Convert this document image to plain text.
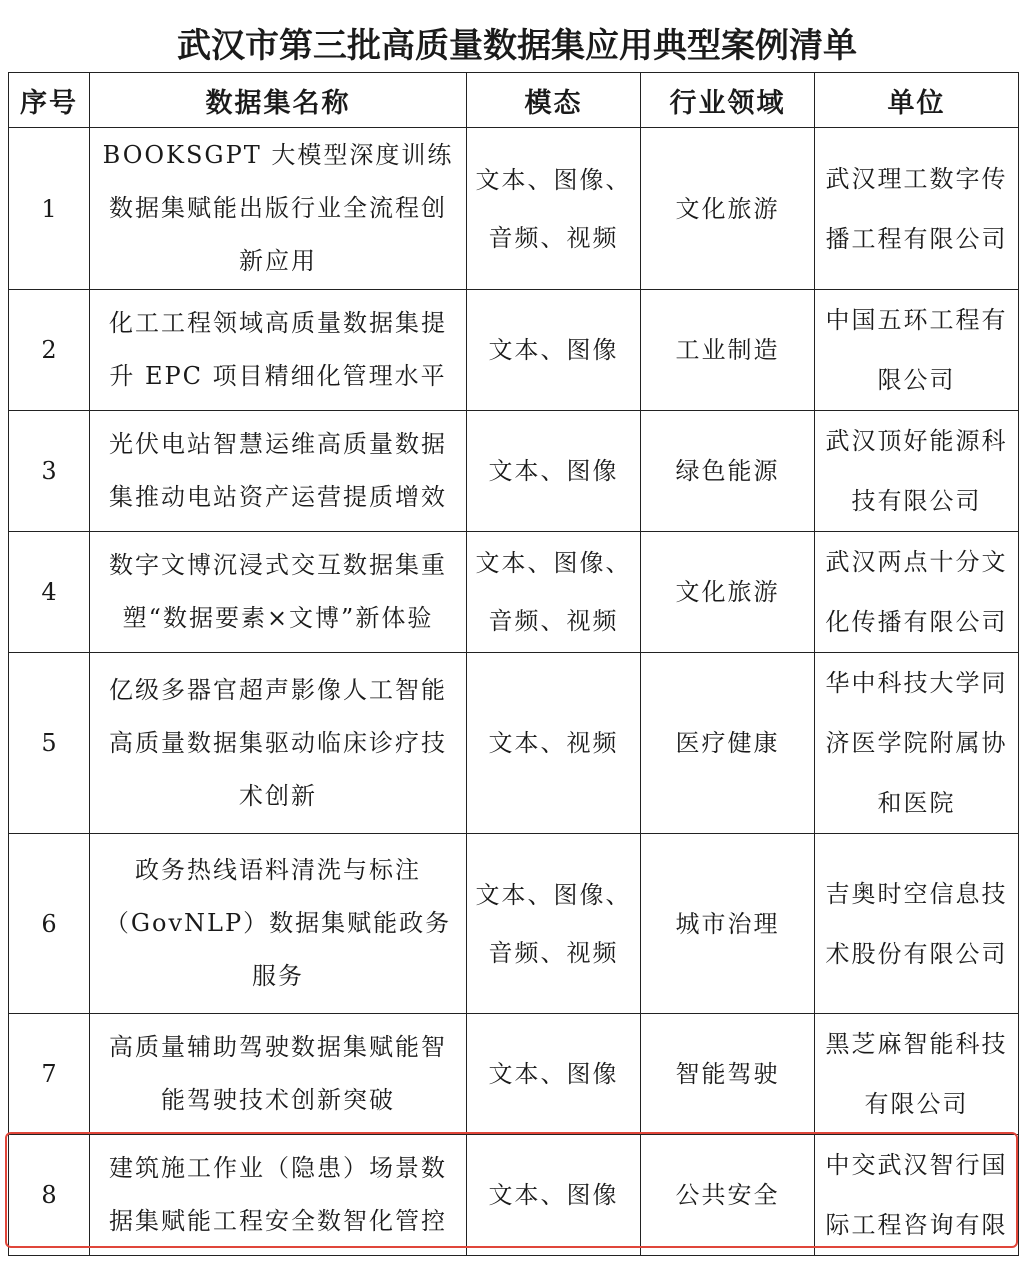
武汉市第三批高质量数据集应用典型案例清单
序号	数据集名称	模态	行业领域	单位
1	BOOKSGPT 大模型深度训练数据集赋能出版行业全流程创新应用	文本、图像、音频、视频	文化旅游	武汉理工数字传播工程有限公司
2	化工工程领域高质量数据集提升 EPC 项目精细化管理水平	文本、图像	工业制造	中国五环工程有限公司
3	光伏电站智慧运维高质量数据集推动电站资产运营提质增效	文本、图像	绿色能源	武汉顶好能源科技有限公司
4	数字文博沉浸式交互数据集重塑“数据要素×文博”新体验	文本、图像、音频、视频	文化旅游	武汉两点十分文化传播有限公司
5	亿级多器官超声影像人工智能高质量数据集驱动临床诊疗技术创新	文本、视频	医疗健康	华中科技大学同济医学院附属协和医院
6	政务热线语料清洗与标注（GovNLP）数据集赋能政务服务	文本、图像、音频、视频	城市治理	吉奥时空信息技术股份有限公司
7	高质量辅助驾驶数据集赋能智能驾驶技术创新突破	文本、图像	智能驾驶	黑芝麻智能科技有限公司
8	建筑施工作业（隐患）场景数据集赋能工程安全数智化管控	文本、图像	公共安全	中交武汉智行国际工程咨询有限
